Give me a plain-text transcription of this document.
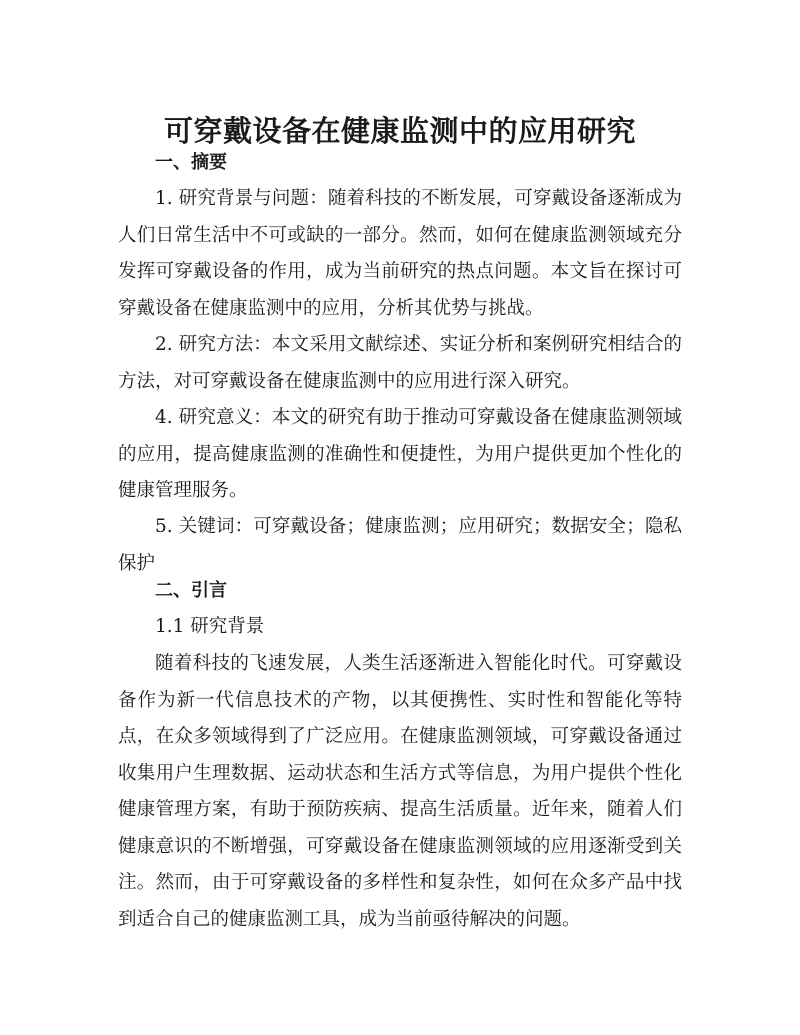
可穿戴设备在健康监测中的应用研究

一、摘要

1. 研究背景与问题：随着科技的不断发展，可穿戴设备逐渐成为人们日常生活中不可或缺的一部分。然而，如何在健康监测领域充分发挥可穿戴设备的作用，成为当前研究的热点问题。本文旨在探讨可穿戴设备在健康监测中的应用，分析其优势与挑战。

2. 研究方法：本文采用文献综述、实证分析和案例研究相结合的方法，对可穿戴设备在健康监测中的应用进行深入研究。

4. 研究意义：本文的研究有助于推动可穿戴设备在健康监测领域的应用，提高健康监测的准确性和便捷性，为用户提供更加个性化的健康管理服务。

5. 关键词：可穿戴设备；健康监测；应用研究；数据安全；隐私保护

二、引言

1.1 研究背景

随着科技的飞速发展，人类生活逐渐进入智能化时代。可穿戴设备作为新一代信息技术的产物，以其便携性、实时性和智能化等特点，在众多领域得到了广泛应用。在健康监测领域，可穿戴设备通过收集用户生理数据、运动状态和生活方式等信息，为用户提供个性化健康管理方案，有助于预防疾病、提高生活质量。近年来，随着人们健康意识的不断增强，可穿戴设备在健康监测领域的应用逐渐受到关注。然而，由于可穿戴设备的多样性和复杂性，如何在众多产品中找到适合自己的健康监测工具，成为当前亟待解决的问题。
